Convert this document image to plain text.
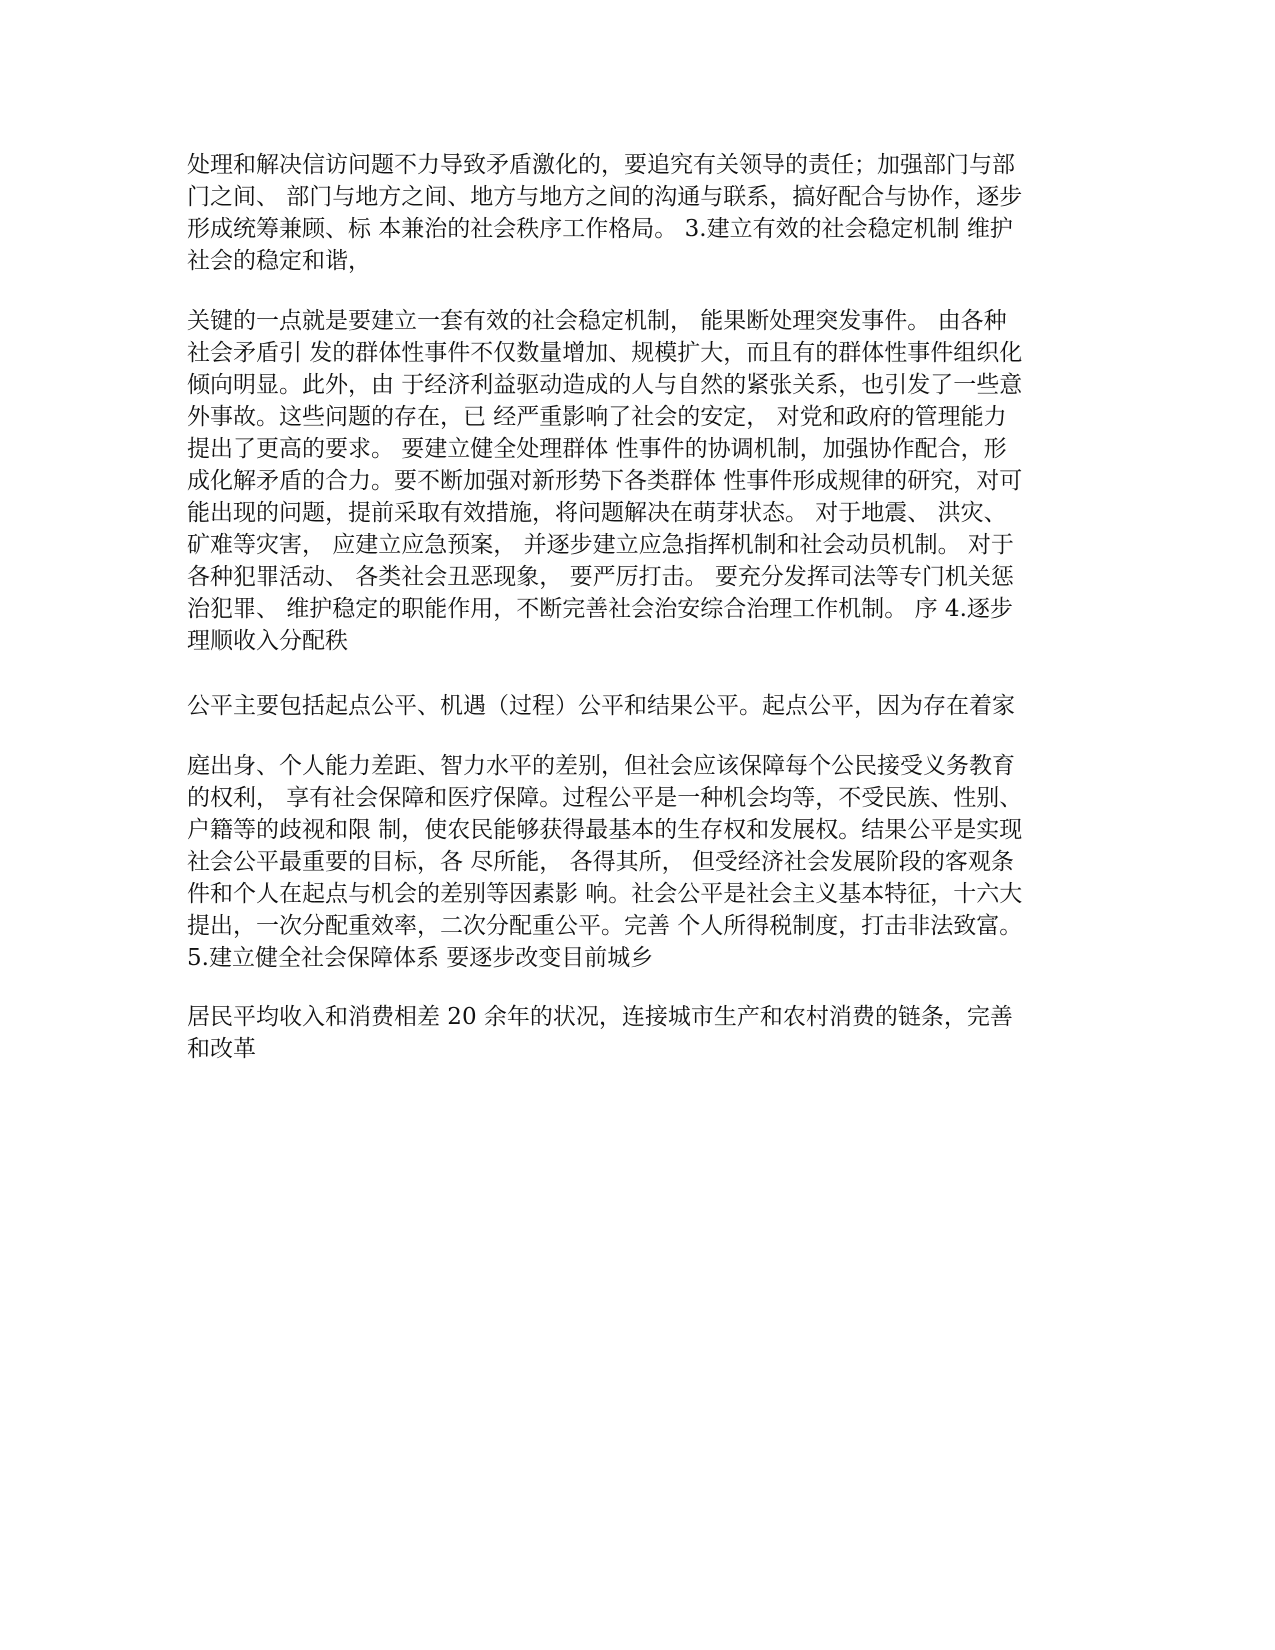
处理和解决信访问题不力导致矛盾激化的，要追究有关领导的责任；加强部门与部
门之间、 部门与地方之间、地方与地方之间的沟通与联系，搞好配合与协作，逐步
形成统筹兼顾、标 本兼治的社会秩序工作格局。 3.建立有效的社会稳定机制 维护
社会的稳定和谐，

关键的一点就是要建立一套有效的社会稳定机制， 能果断处理突发事件。 由各种
社会矛盾引 发的群体性事件不仅数量增加、规模扩大，而且有的群体性事件组织化
倾向明显。此外，由 于经济利益驱动造成的人与自然的紧张关系，也引发了一些意
外事故。这些问题的存在，已 经严重影响了社会的安定， 对党和政府的管理能力
提出了更高的要求。 要建立健全处理群体 性事件的协调机制，加强协作配合，形
成化解矛盾的合力。要不断加强对新形势下各类群体 性事件形成规律的研究，对可
能出现的问题，提前采取有效措施，将问题解决在萌芽状态。 对于地震、 洪灾、
矿难等灾害， 应建立应急预案， 并逐步建立应急指挥机制和社会动员机制。 对于
各种犯罪活动、 各类社会丑恶现象， 要严厉打击。 要充分发挥司法等专门机关惩
治犯罪、 维护稳定的职能作用，不断完善社会治安综合治理工作机制。 序 4.逐步
理顺收入分配秩

公平主要包括起点公平、机遇（过程）公平和结果公平。起点公平，因为存在着家

庭出身、个人能力差距、智力水平的差别，但社会应该保障每个公民接受义务教育
的权利， 享有社会保障和医疗保障。过程公平是一种机会均等，不受民族、性别、
户籍等的歧视和限 制，使农民能够获得最基本的生存权和发展权。结果公平是实现
社会公平最重要的目标，各 尽所能， 各得其所， 但受经济社会发展阶段的客观条
件和个人在起点与机会的差别等因素影 响。社会公平是社会主义基本特征，十六大
提出，一次分配重效率，二次分配重公平。完善 个人所得税制度，打击非法致富。
5.建立健全社会保障体系 要逐步改变目前城乡

居民平均收入和消费相差 20 余年的状况，连接城市生产和农村消费的链条，完善
和改革
